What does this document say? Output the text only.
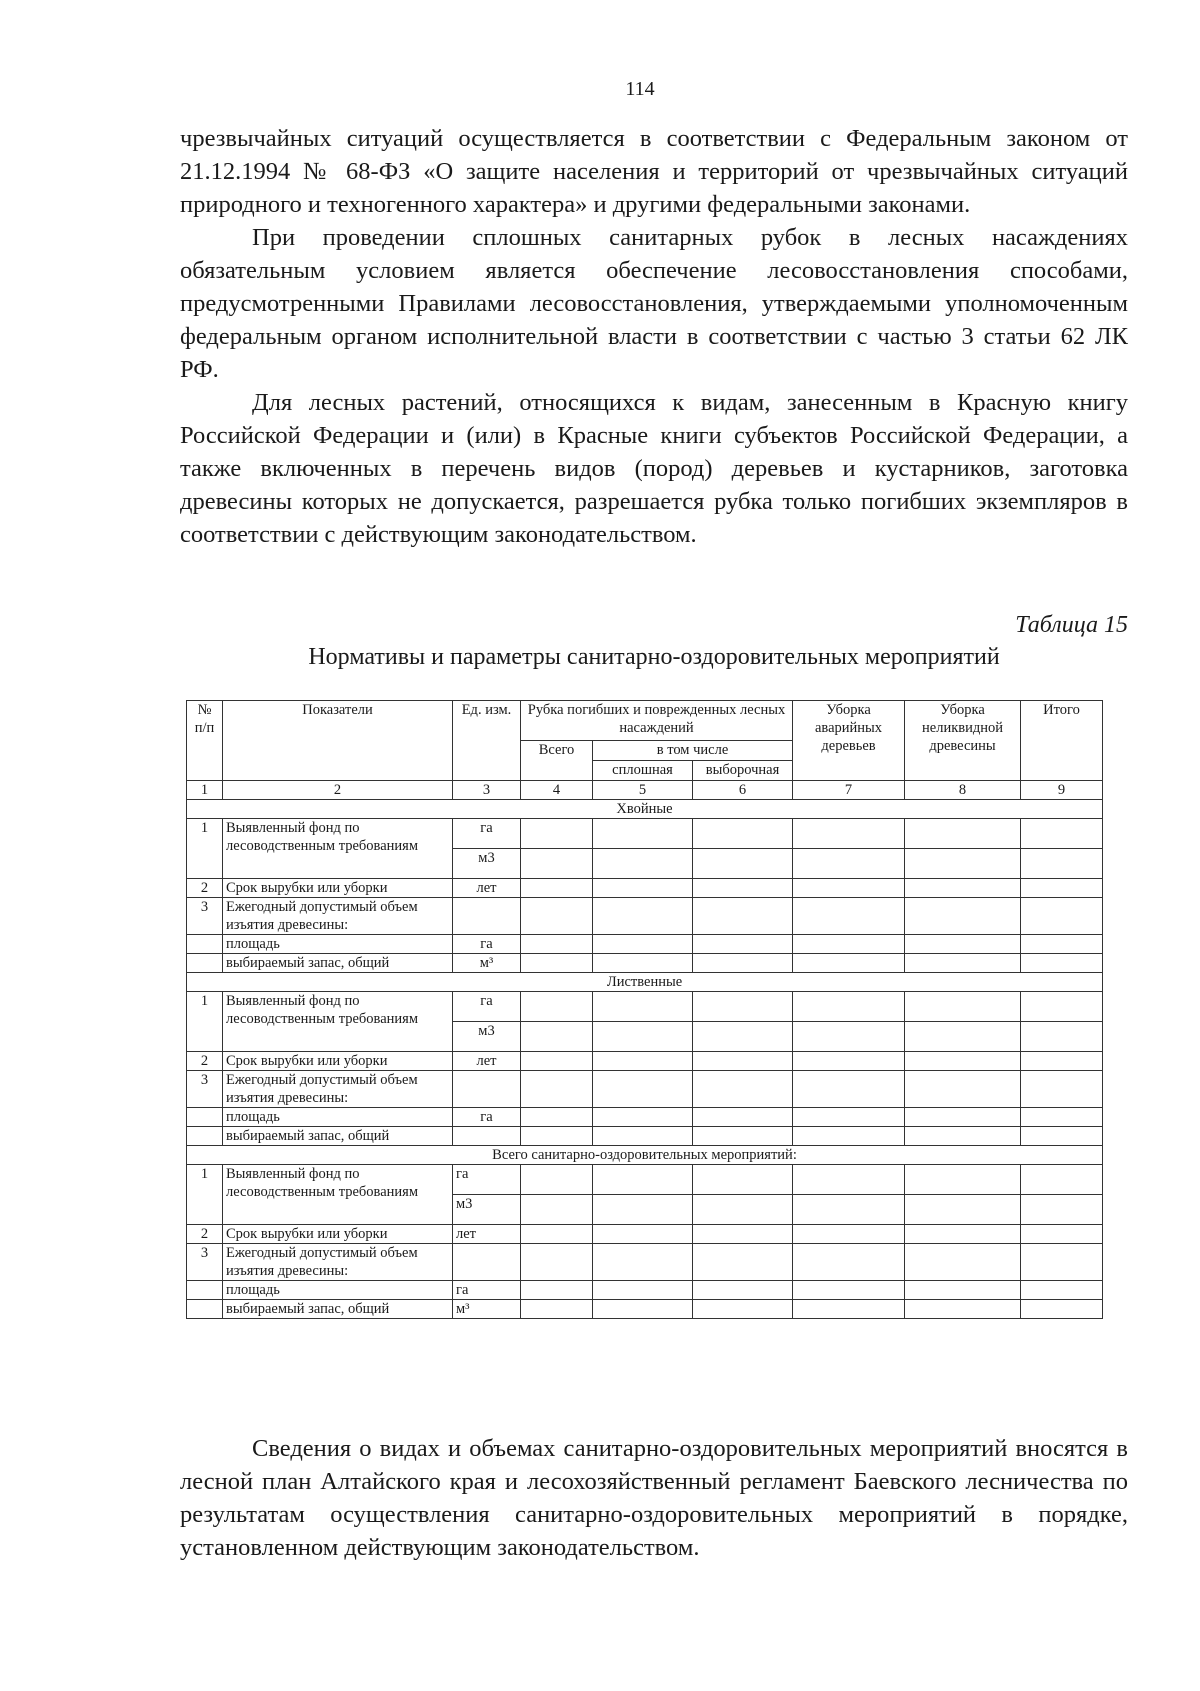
114

чрезвычайных ситуаций осуществляется в соответствии с Федеральным законом от 21.12.1994 № 68-ФЗ «О защите населения и территорий от чрезвычайных ситуаций природного и техногенного характера» и другими федеральными законами.

При проведении сплошных санитарных рубок в лесных насаждениях обязательным условием является обеспечение лесовосстановления способами, предусмотренными Правилами лесовосстановления, утверждаемыми уполномоченным федеральным органом исполнительной власти в соответствии с частью 3 статьи 62 ЛК РФ.

Для лесных растений, относящихся к видам, занесенным в Красную книгу Российской Федерации и (или) в Красные книги субъектов Российской Федерации, а также включенных в перечень видов (пород) деревьев и кустарников, заготовка древесины которых не допускается, разрешается рубка только погибших экземпляров в соответствии с действующим законодательством.

Таблица 15
Нормативы и параметры санитарно-оздоровительных мероприятий
№ п/п	Показатели	Ед. изм.	Рубка погибших и поврежденных лесных насаждений			Уборка аварийных деревьев	Уборка неликвидной древесины	Итого
			Всего	в том числе				
				сплошная	выборочная			
1	2	3	4	5	6	7	8	9
Хвойные								
1	Выявленный фонд по лесоводственным требованиям	га						
		м3						
2	Срок вырубки или уборки	лет						
3	Ежегодный допустимый объем изъятия древесины:							
	площадь	га						
	выбираемый запас, общий	м³						
Лиственные								
1	Выявленный фонд по лесоводственным требованиям	га						
		м3						
2	Срок вырубки или уборки	лет						
3	Ежегодный допустимый объем изъятия древесины:							
	площадь	га						
	выбираемый запас, общий							
Всего санитарно-оздоровительных мероприятий:								
1	Выявленный фонд по лесоводственным требованиям	га						
		м3						
2	Срок вырубки или уборки	лет						
3	Ежегодный допустимый объем изъятия древесины:							
	площадь	га						
	выбираемый запас, общий	м³						

Сведения о видах и объемах санитарно-оздоровительных мероприятий вносятся в лесной план Алтайского края и лесохозяйственный регламент Баевского лесничества по результатам осуществления санитарно-оздоровительных мероприятий в порядке, установленном действующим законодательством.
